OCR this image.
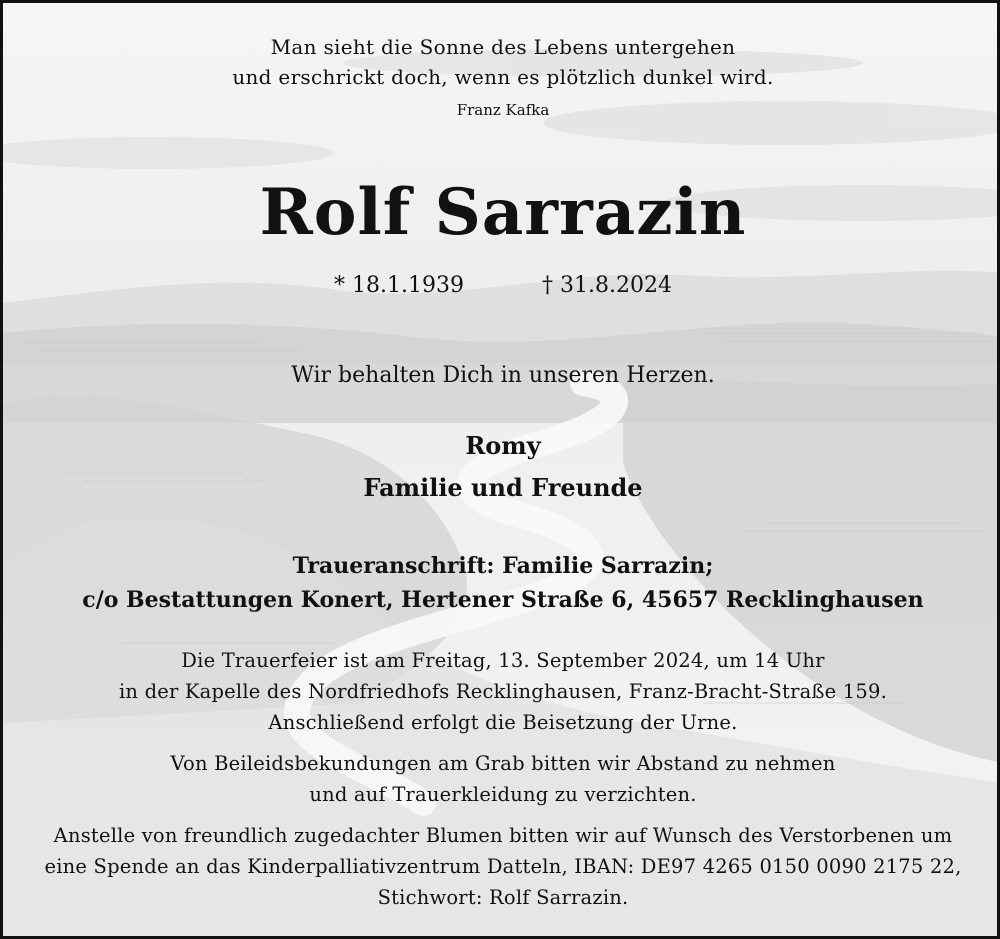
Man sieht die Sonne des Lebens untergehen
und erschrickt doch, wenn es plötzlich dunkel wird.
Franz Kafka
Rolf Sarrazin
* 18.1.1939	† 31.8.2024
Wir behalten Dich in unseren Herzen.
Romy
Familie und Freunde
Traueranschrift: Familie Sarrazin;
c/o Bestattungen Konert, Hertener Straße 6, 45657 Recklinghausen
Die Trauerfeier ist am Freitag, 13. September 2024, um 14 Uhr
in der Kapelle des Nordfriedhofs Recklinghausen, Franz-Bracht-Straße 159.
Anschließend erfolgt die Beisetzung der Urne.
Von Beileidsbekundungen am Grab bitten wir Abstand zu nehmen
und auf Trauerkleidung zu verzichten.
Anstelle von freundlich zugedachter Blumen bitten wir auf Wunsch des Verstorbenen um
eine Spende an das Kinderpalliativzentrum Datteln, IBAN: DE97 4265 0150 0090 2175 22,
Stichwort: Rolf Sarrazin.
